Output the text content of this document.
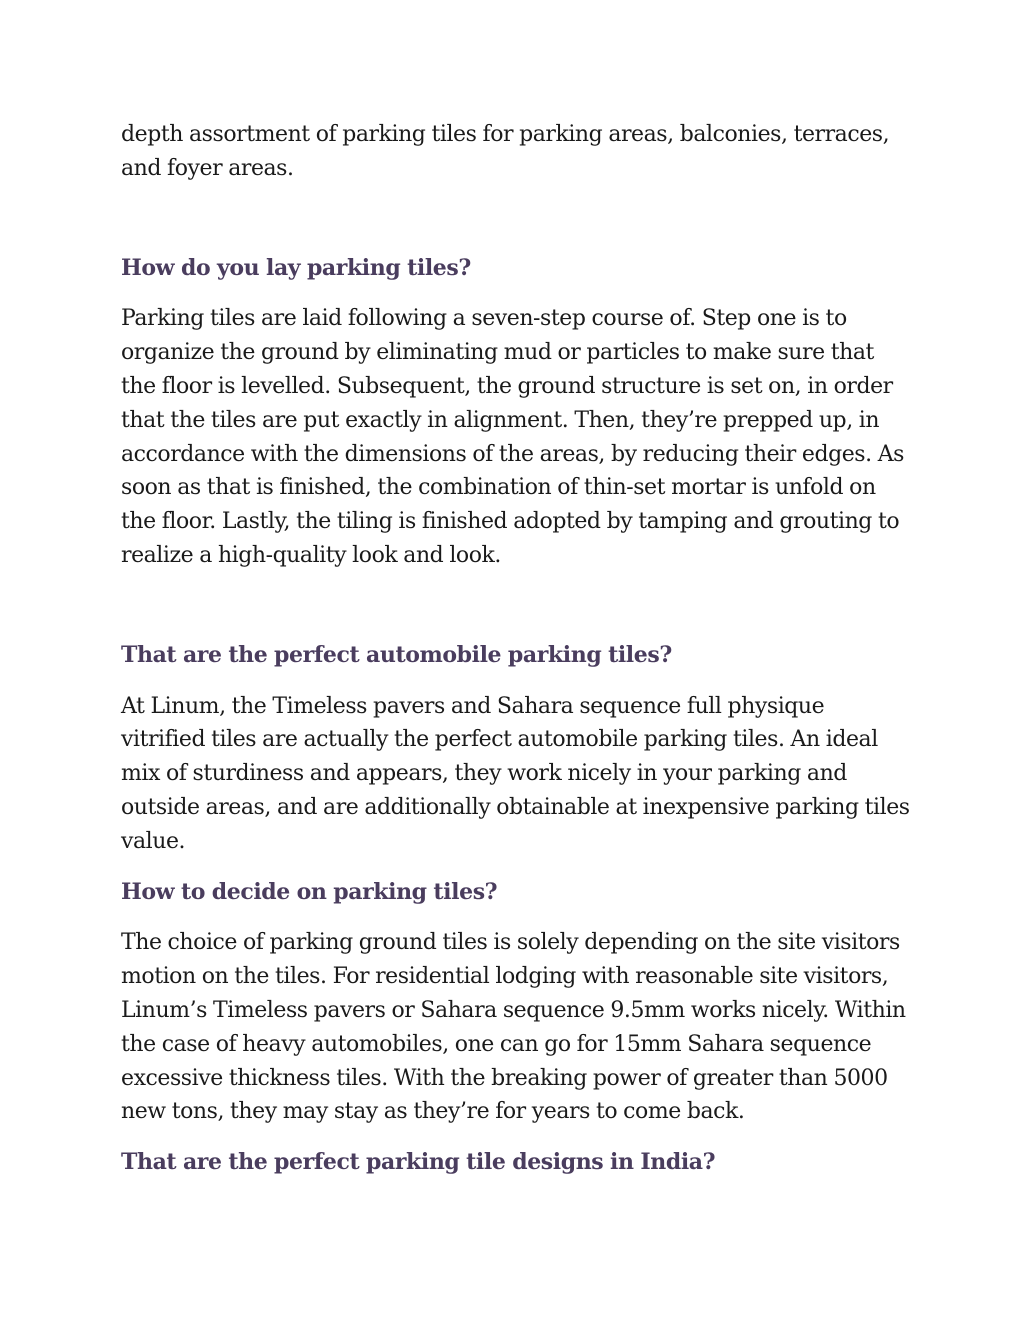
depth assortment of parking tiles for parking areas, balconies, terraces, and foyer areas.

How do you lay parking tiles?

Parking tiles are laid following a seven-step course of. Step one is to organize the ground by eliminating mud or particles to make sure that the floor is levelled. Subsequent, the ground structure is set on, in order that the tiles are put exactly in alignment. Then, they’re prepped up, in accordance with the dimensions of the areas, by reducing their edges. As soon as that is finished, the combination of thin-set mortar is unfold on the floor. Lastly, the tiling is finished adopted by tamping and grouting to realize a high-quality look and look.

That are the perfect automobile parking tiles?

At Linum, the Timeless pavers and Sahara sequence full physique vitrified tiles are actually the perfect automobile parking tiles. An ideal mix of sturdiness and appears, they work nicely in your parking and outside areas, and are additionally obtainable at inexpensive parking tiles value.

How to decide on parking tiles?

The choice of parking ground tiles is solely depending on the site visitors motion on the tiles. For residential lodging with reasonable site visitors, Linum’s Timeless pavers or Sahara sequence 9.5mm works nicely. Within the case of heavy automobiles, one can go for 15mm Sahara sequence excessive thickness tiles. With the breaking power of greater than 5000 new tons, they may stay as they’re for years to come back.

That are the perfect parking tile designs in India?
